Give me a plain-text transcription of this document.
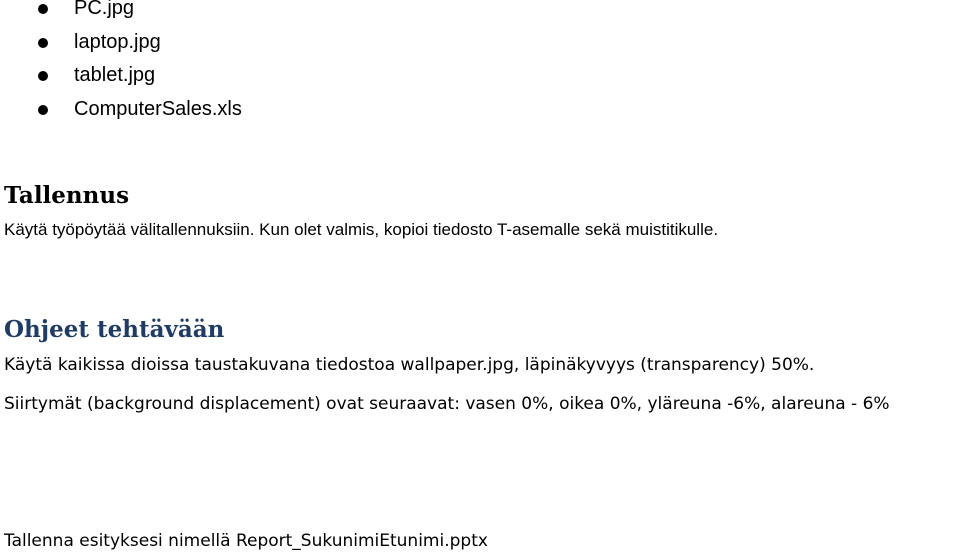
PC.jpg
laptop.jpg
tablet.jpg
ComputerSales.xls
Tallennus

Käytä työpöytää välitallennuksiin. Kun olet valmis, kopioi tiedosto T-asemalle sekä muistitikulle.

Ohjeet tehtävään

Käytä kaikissa dioissa taustakuvana tiedostoa wallpaper.jpg, läpinäkyvyys (transparency) 50%.

Siirtymät (background displacement) ovat seuraavat: vasen 0%, oikea 0%, yläreuna -6%, alareuna - 6%

Tallenna esityksesi nimellä Report_SukunimiEtunimi.pptx
